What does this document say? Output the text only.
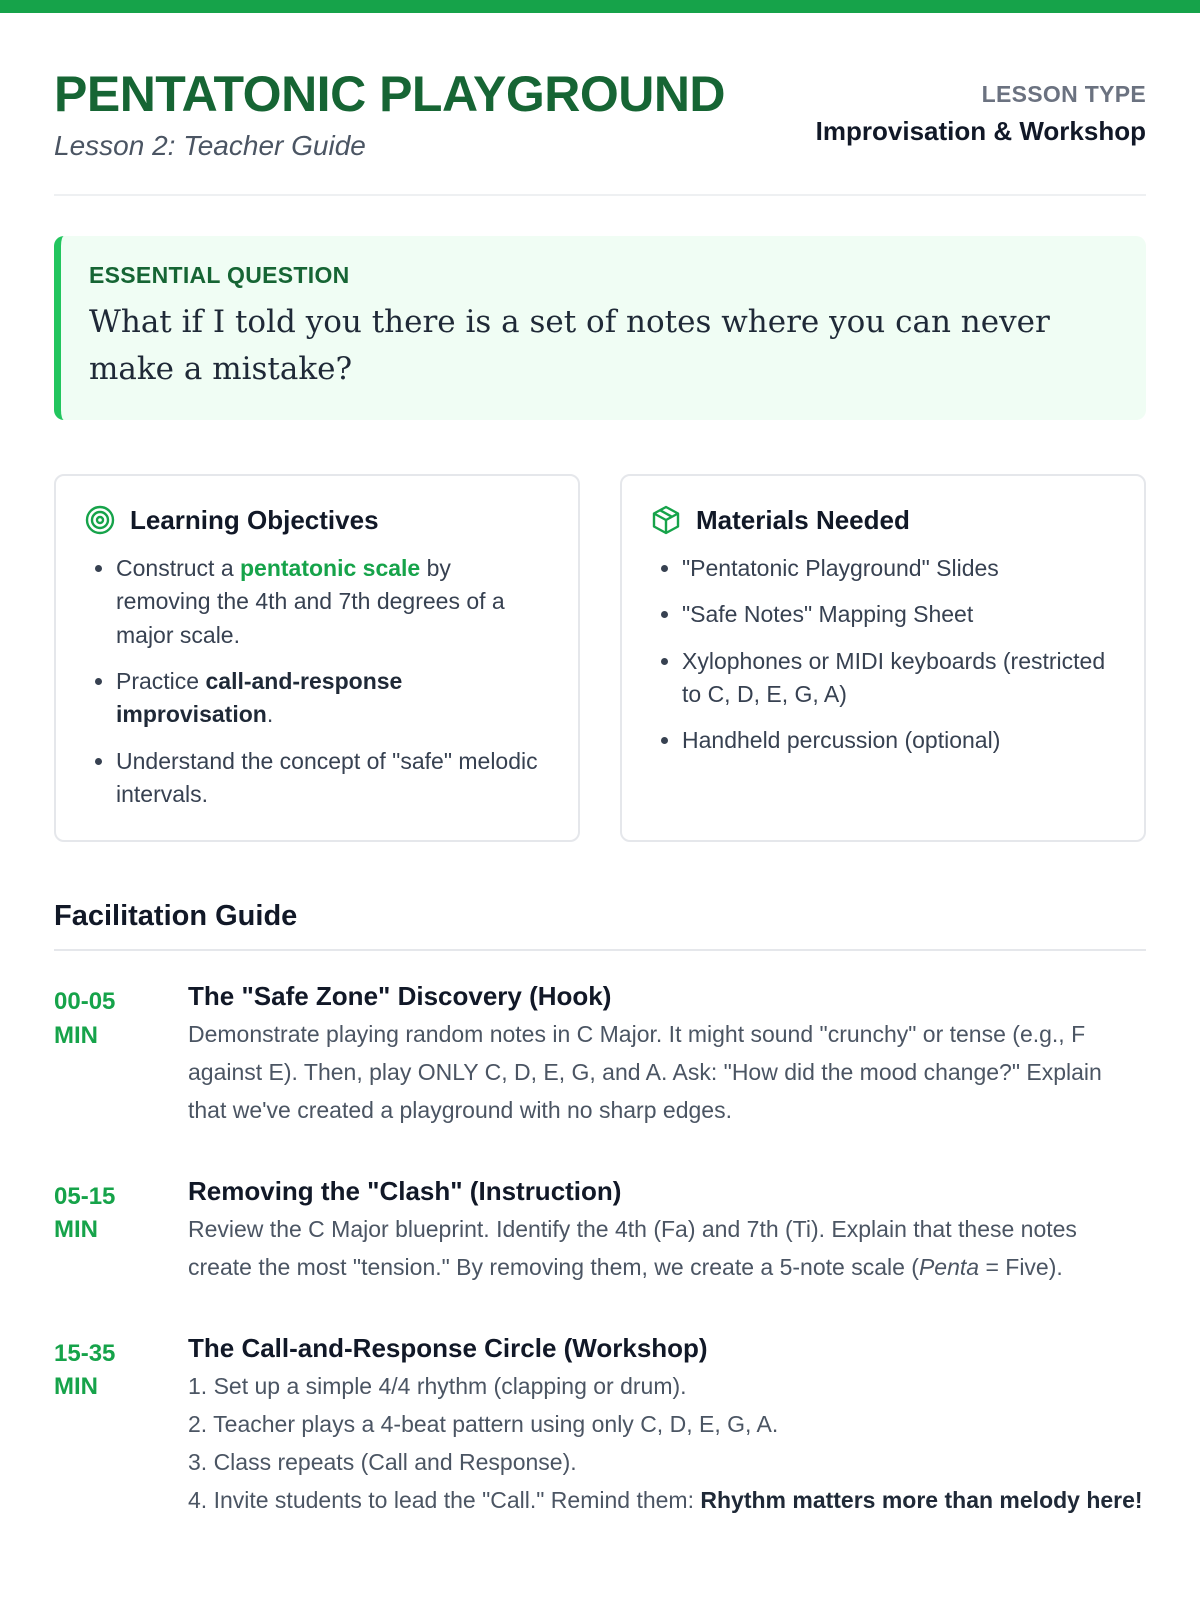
PENTATONIC PLAYGROUND
Lesson 2: Teacher Guide
LESSON TYPE
Improvisation & Workshop
ESSENTIAL QUESTION
What if I told you there is a set of notes where you can never make a mistake?
Learning Objectives
• Construct a pentatonic scale by removing the 4th and 7th degrees of a major scale.
• Practice call-and-response improvisation.
• Understand the concept of "safe" melodic intervals.
Materials Needed
• "Pentatonic Playground" Slides
• "Safe Notes" Mapping Sheet
• Xylophones or MIDI keyboards (restricted to C, D, E, G, A)
• Handheld percussion (optional)
Facilitation Guide
00-05
MIN
The "Safe Zone" Discovery (Hook)
Demonstrate playing random notes in C Major. It might sound "crunchy" or tense (e.g., F against E). Then, play ONLY C, D, E, G, and A. Ask: "How did the mood change?" Explain that we've created a playground with no sharp edges.
05-15
MIN
Removing the "Clash" (Instruction)
Review the C Major blueprint. Identify the 4th (Fa) and 7th (Ti). Explain that these notes create the most "tension." By removing them, we create a 5-note scale (Penta = Five).
15-35
MIN
The Call-and-Response Circle (Workshop)
1. Set up a simple 4/4 rhythm (clapping or drum).
2. Teacher plays a 4-beat pattern using only C, D, E, G, A.
3. Class repeats (Call and Response).
4. Invite students to lead the "Call." Remind them: Rhythm matters more than melody here!
